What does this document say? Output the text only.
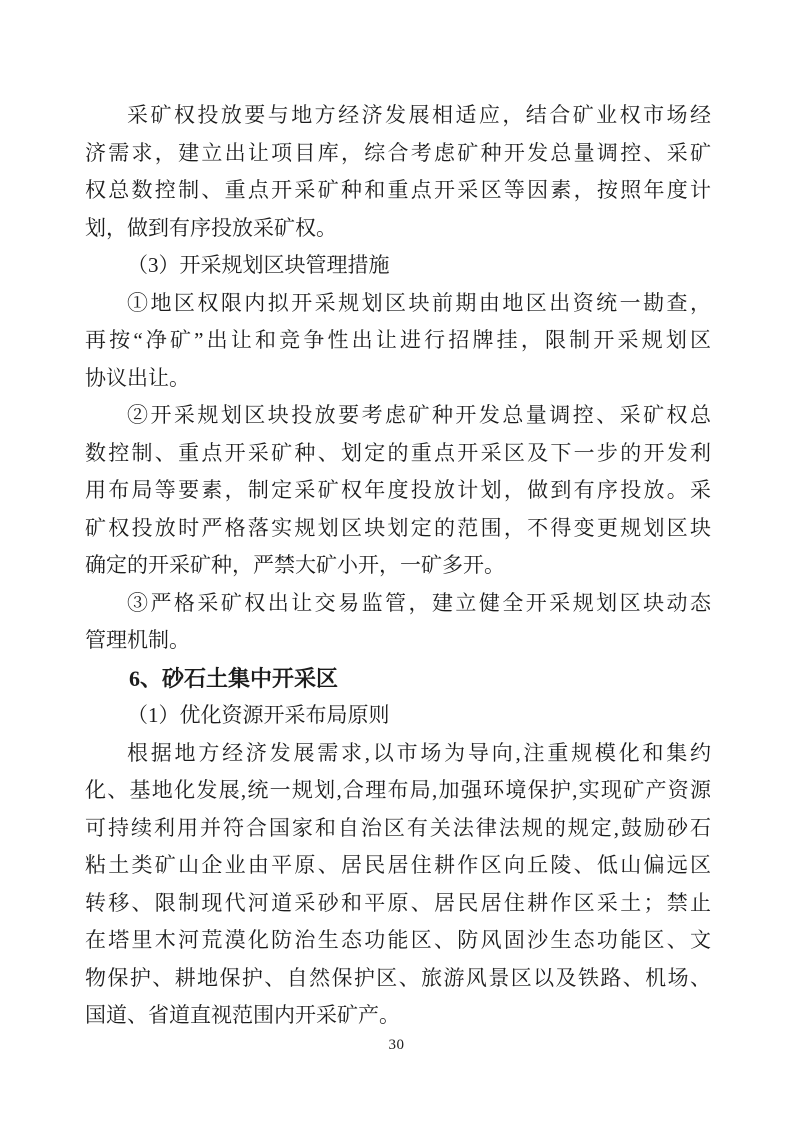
采矿权投放要与地方经济发展相适应，结合矿业权市场经
济需求，建立出让项目库，综合考虑矿种开发总量调控、采矿
权总数控制、重点开采矿种和重点开采区等因素，按照年度计
划，做到有序投放采矿权。
（3）开采规划区块管理措施
①地区权限内拟开采规划区块前期由地区出资统一勘查，
再按“净矿”出让和竞争性出让进行招牌挂，限制开采规划区
协议出让。
②开采规划区块投放要考虑矿种开发总量调控、采矿权总
数控制、重点开采矿种、划定的重点开采区及下一步的开发利
用布局等要素，制定采矿权年度投放计划，做到有序投放。采
矿权投放时严格落实规划区块划定的范围，不得变更规划区块
确定的开采矿种，严禁大矿小开，一矿多开。
③严格采矿权出让交易监管，建立健全开采规划区块动态
管理机制。
6、砂石土集中开采区
（1）优化资源开采布局原则
根据地方经济发展需求,以市场为导向,注重规模化和集约
化、基地化发展,统一规划,合理布局,加强环境保护,实现矿产资源
可持续利用并符合国家和自治区有关法律法规的规定,鼓励砂石
粘土类矿山企业由平原、居民居住耕作区向丘陵、低山偏远区
转移、限制现代河道采砂和平原、居民居住耕作区采土；禁止
在塔里木河荒漠化防治生态功能区、防风固沙生态功能区、文
物保护、耕地保护、自然保护区、旅游风景区以及铁路、机场、
国道、省道直视范围内开采矿产。
30
